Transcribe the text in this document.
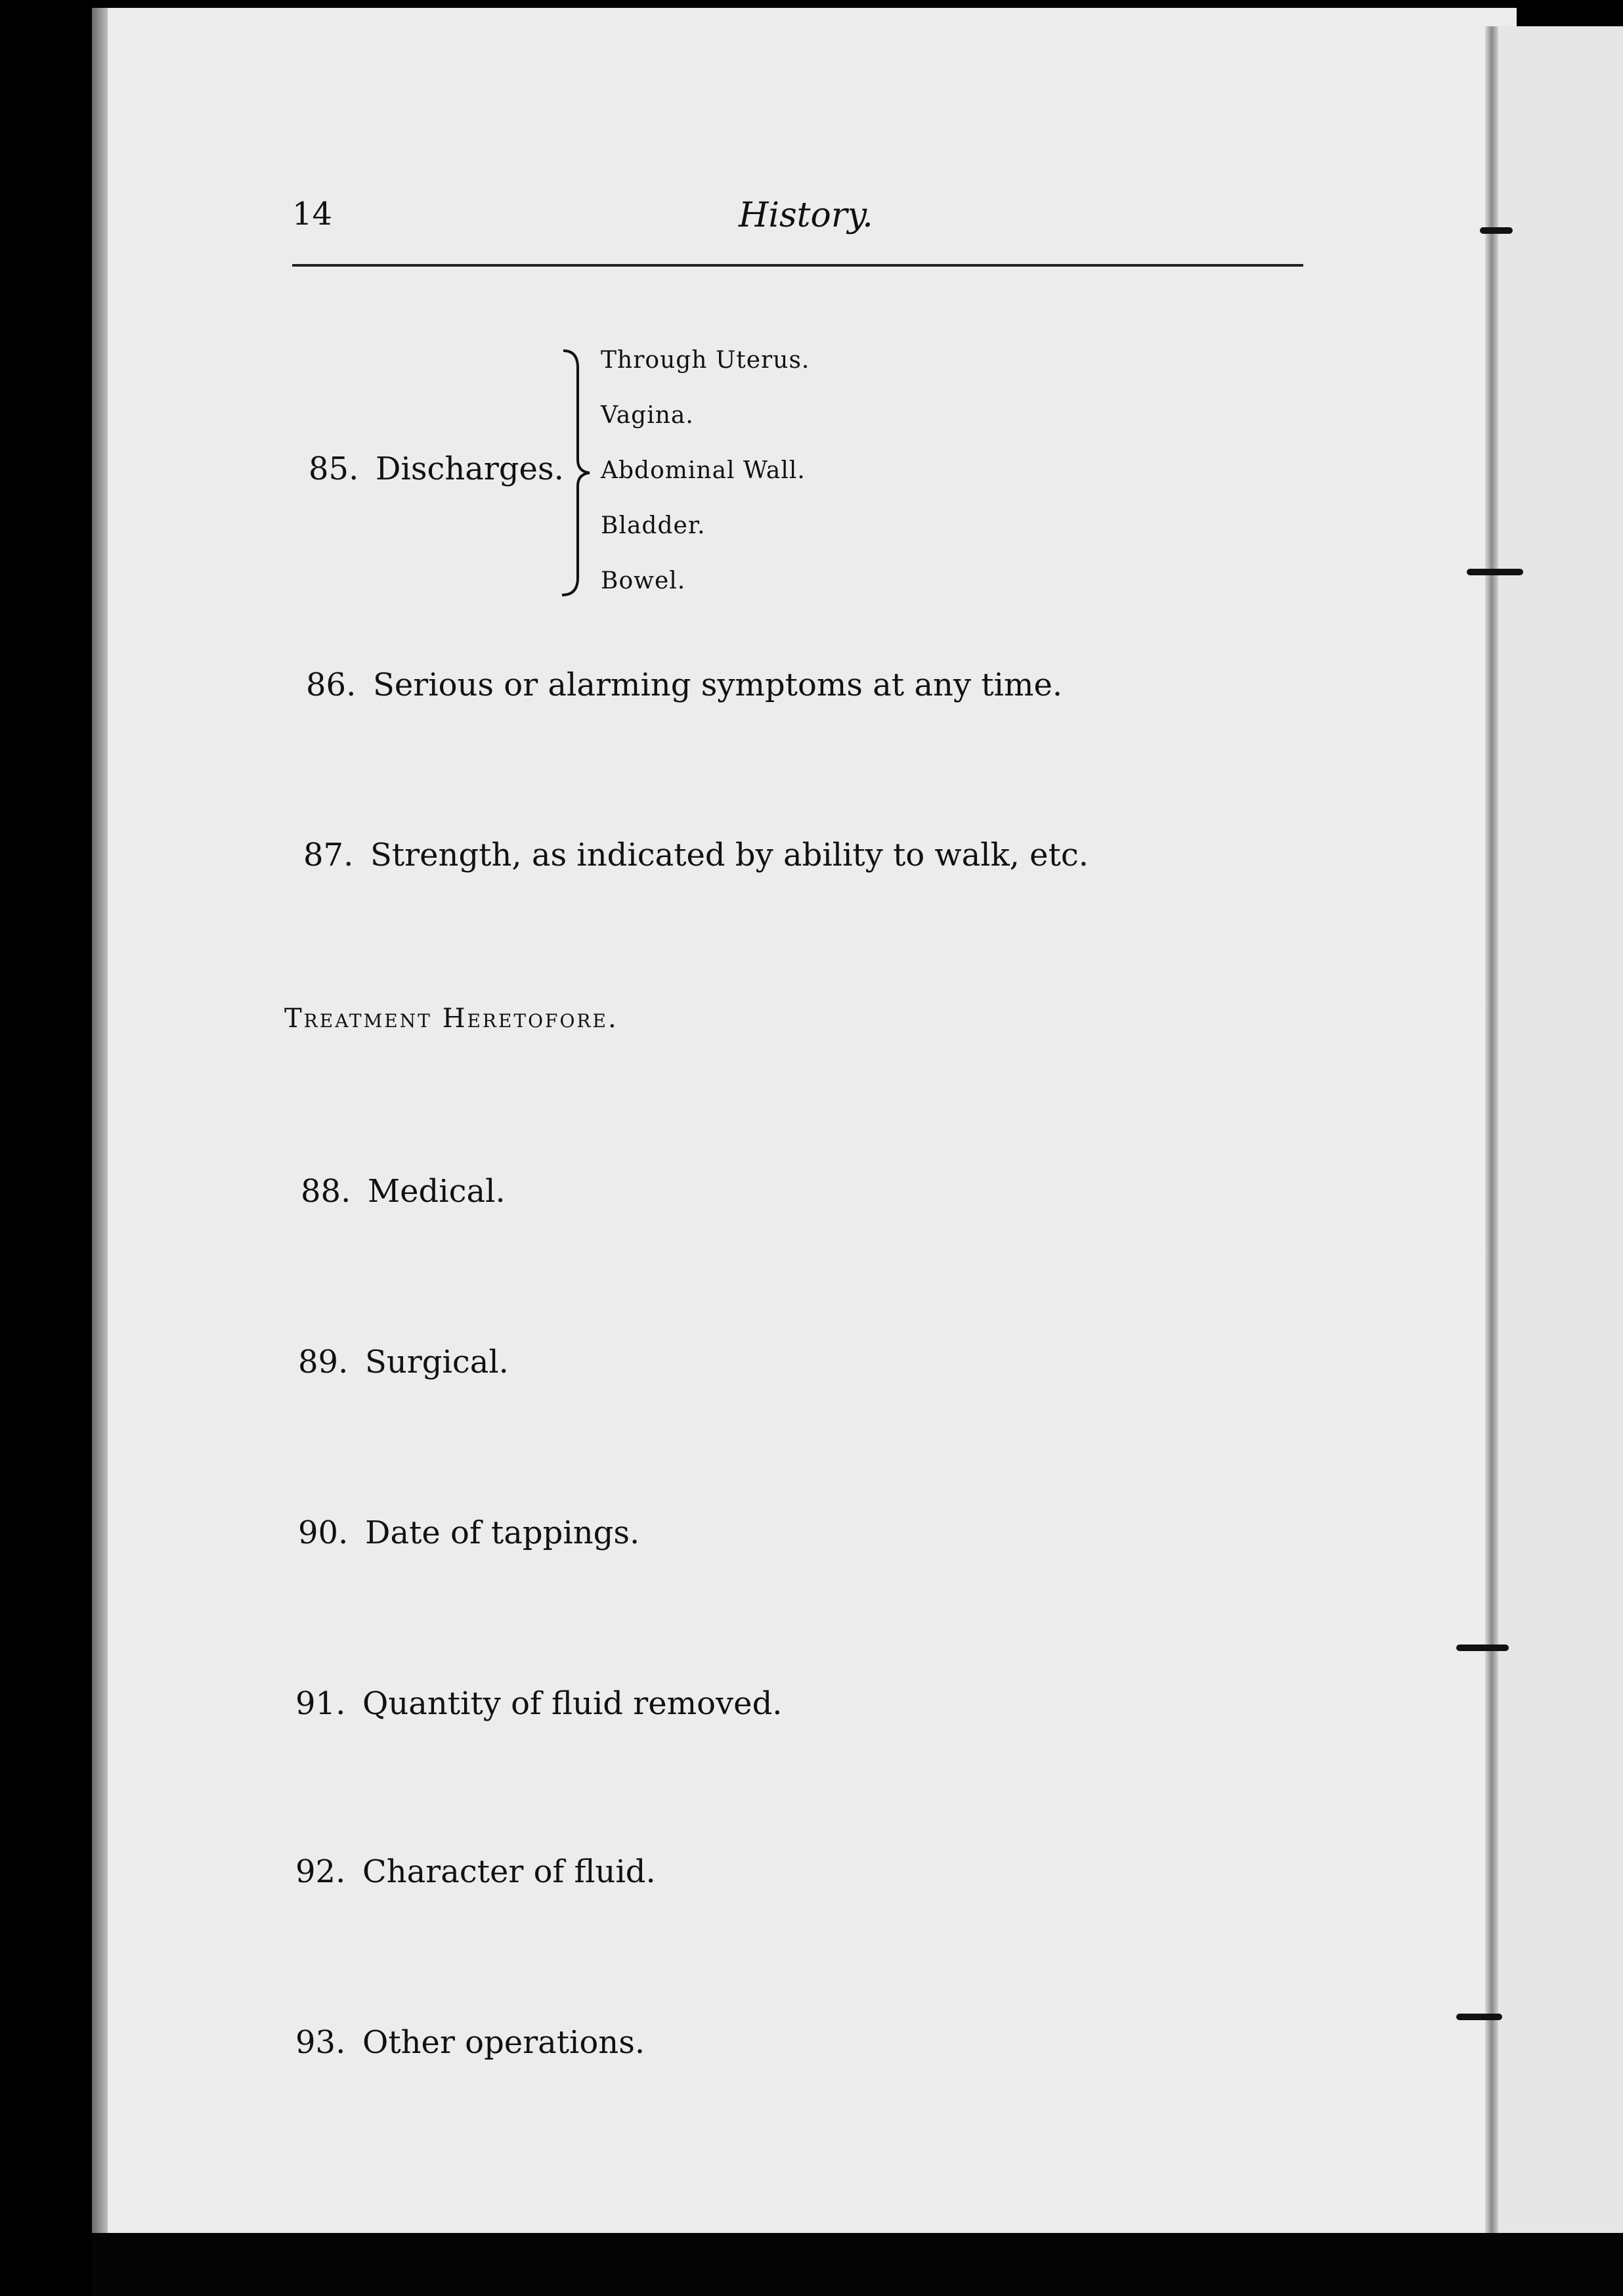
14	History.
85. Discharges.
Through Uterus.
Vagina.
Abdominal Wall.
Bladder.
Bowel.
86. Serious or alarming symptoms at any time.
87. Strength, as indicated by ability to walk, etc.
Treatment Heretofore.
88. Medical.
89. Surgical.
90. Date of tappings.
91. Quantity of fluid removed.
92. Character of fluid.
93. Other operations.
